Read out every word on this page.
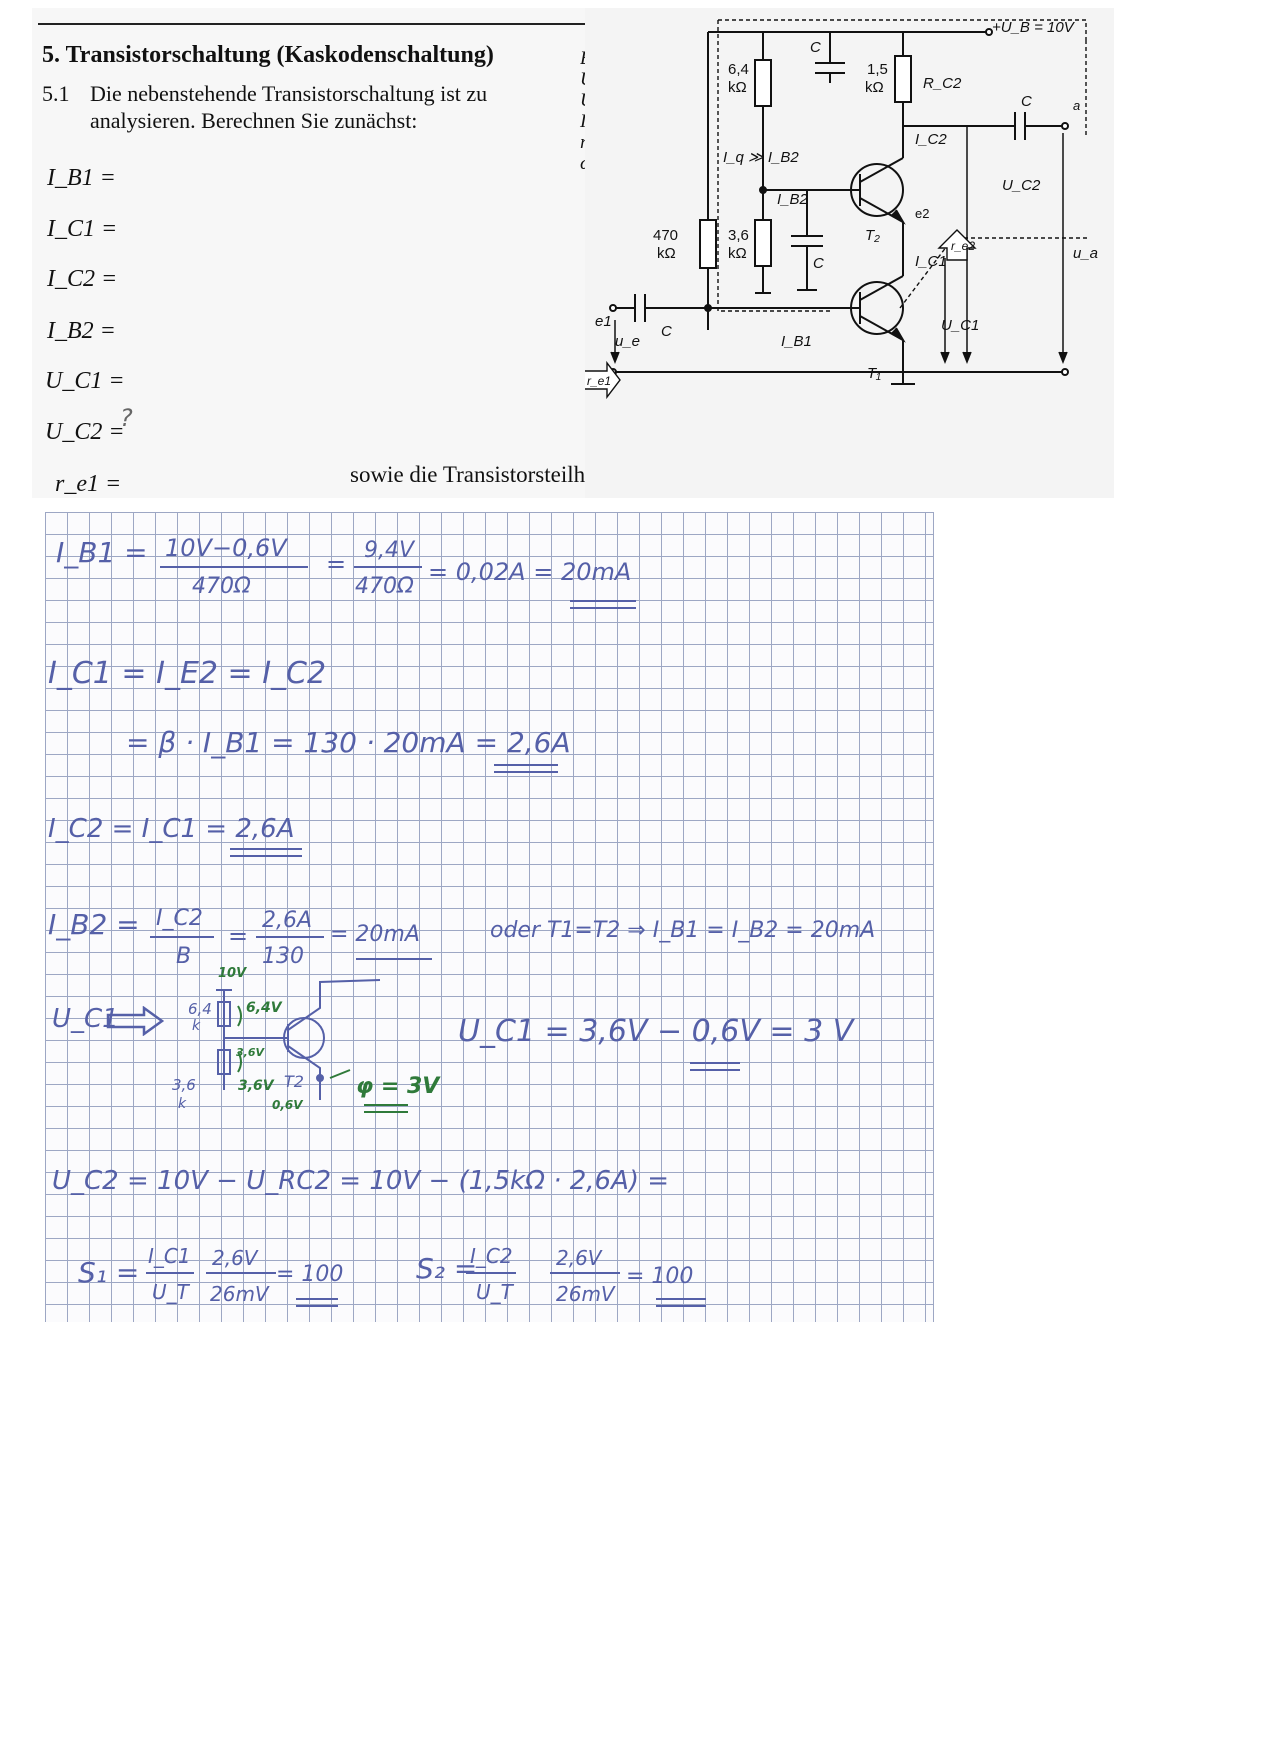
5. Transistorschaltung (Kaskodenschaltung)
5.1 Die nebenstehende Transistorschaltung ist zu
analysieren. Berechnen Sie zunächst:
B = β = 130
U_BE = 0,6 V
U_T = 26 mV
I_C ≈ I_E
r_CE → ∞
ωC → ∞
I_B1 =
I_C1 =
I_C2 =
I_B2 =
U_C1 =
U_C2 =
?
r_e1 =	sowie die Transistorsteilheiten: S₁ =	S₂ =
+U_B = 10V
6,4
kΩ
C
1,5
kΩ	R_C2
C	a
I_q ≫ I_B2
I_B2
I_C2
U_C2
e2
T₂
I_C1
r_e2	u_a
470
kΩ
3,6
kΩ
C
e1
C
u_e	I_B1
T₁
U_C1
r_e1
I_B1 = 10V−0,6V
470Ω
= 9,4V
470Ω
= 0,02A = 20mA
I_C1 = I_E2 = I_C2
= β · I_B1 = 130 · 20mA = 2,6A
I_C2 = I_C1 = 2,6A
I_B2 = I_C2
B
=
2,6A
130
= 20mA	oder T1=T2 ⇒ I_B1 = I_B2 = 20mA
U_C1
10V
6,4
k
6,4V
3,6V
3,6
k
3,6V T2
0,6V
φ = 3V
U_C1 = 3,6V − 0,6V = 3 V
U_C2 = 10V − U_RC2 = 10V − (1,5kΩ · 2,6A) =
S₁ = I_C1
U_T
2,6V
26mV
= 100	S₂ =
I_C2
U_T
2,6V
26mV
= 100
